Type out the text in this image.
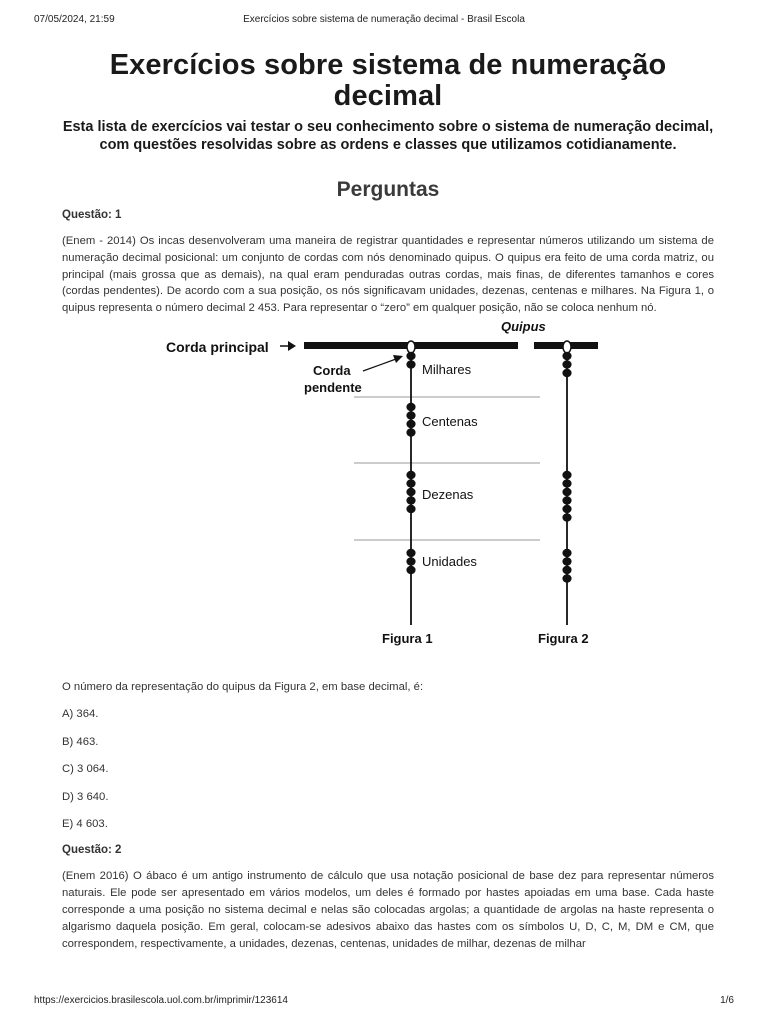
07/05/2024, 21:59	Exercícios sobre sistema de numeração decimal - Brasil Escola
Exercícios sobre sistema de numeração decimal
Esta lista de exercícios vai testar o seu conhecimento sobre o sistema de numeração decimal, com questões resolvidas sobre as ordens e classes que utilizamos cotidianamente.
Perguntas
Questão: 1
(Enem - 2014) Os incas desenvolveram uma maneira de registrar quantidades e representar números utilizando um sistema de numeração decimal posicional: um conjunto de cordas com nós denominado quipus. O quipus era feito de uma corda matriz, ou principal (mais grossa que as demais), na qual eram penduradas outras cordas, mais finas, de diferentes tamanhos e cores (cordas pendentes). De acordo com a sua posição, os nós significavam unidades, dezenas, centenas e milhares. Na Figura 1, o quipus representa o número decimal 2 453. Para representar o “zero” em qualquer posição, não se coloca nenhum nó.
Quipus
Corda principal
Corda
pendente
Milhares
Centenas
Dezenas
Unidades
Figura 1	Figura 2
O número da representação do quipus da Figura 2, em base decimal, é:
A) 364.
B) 463.
C) 3 064.
D) 3 640.
E) 4 603.
Questão: 2
(Enem 2016) O ábaco é um antigo instrumento de cálculo que usa notação posicional de base dez para representar números naturais. Ele pode ser apresentado em vários modelos, um deles é formado por hastes apoiadas em uma base. Cada haste corresponde a uma posição no sistema decimal e nelas são colocadas argolas; a quantidade de argolas na haste representa o algarismo daquela posição. Em geral, colocam-se adesivos abaixo das hastes com os símbolos U, D, C, M, DM e CM, que correspondem, respectivamente, a unidades, dezenas, centenas, unidades de milhar, dezenas de milhar
https://exercicios.brasilescola.uol.com.br/imprimir/123614	1/6
